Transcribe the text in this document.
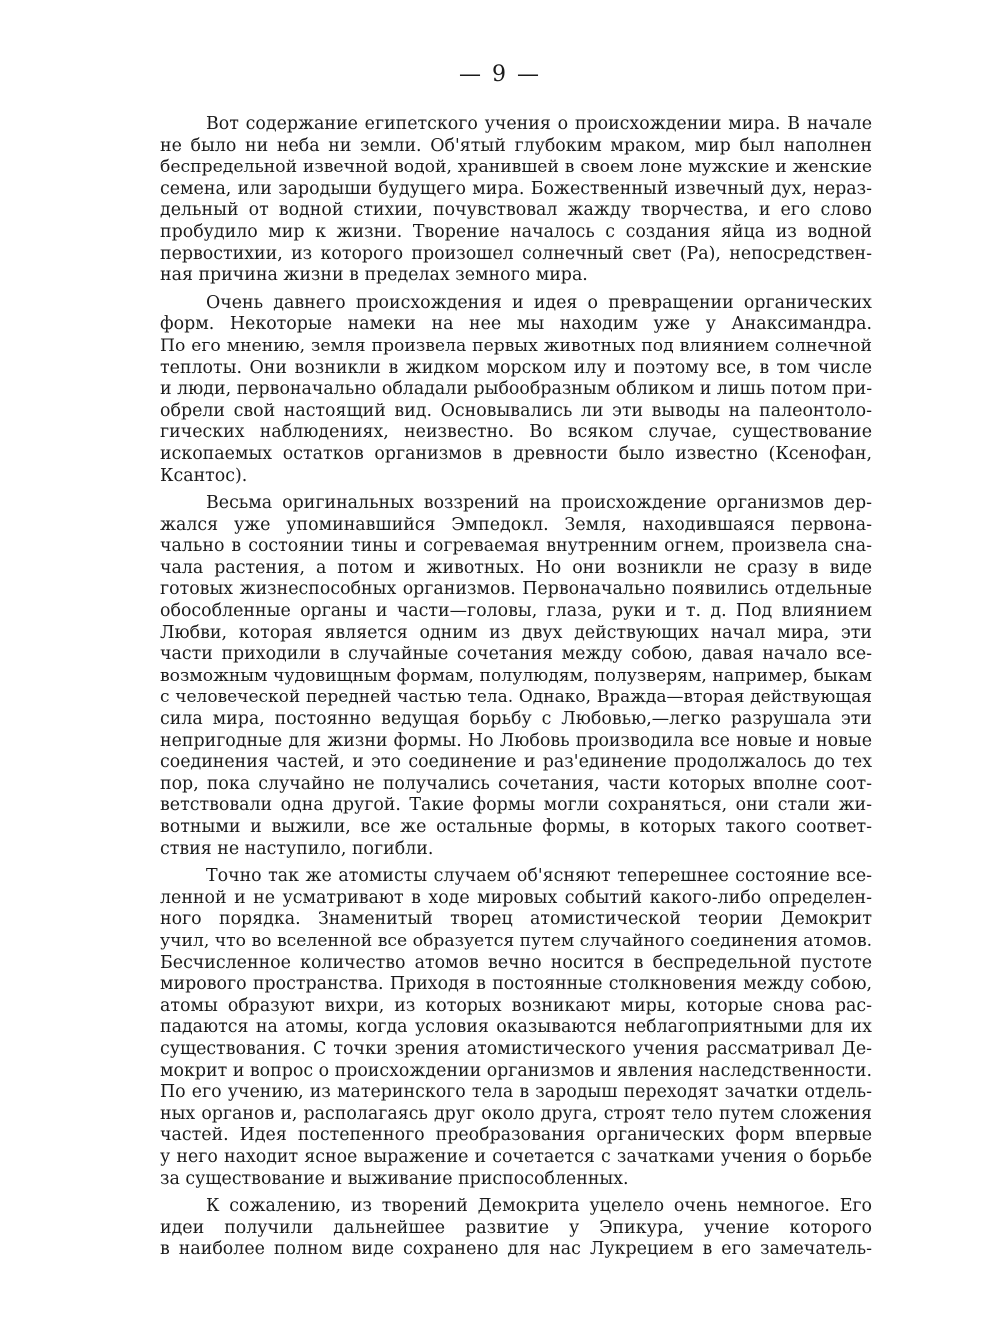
— 9 —

Вот содержание египетского учения о происхождении мира. В начале

не было ни неба ни земли. Об'ятый глубоким мраком, мир был наполнен

беспредельной извечной водой, хранившей в своем лоне мужские и женские

семена, или зародыши будущего мира. Божественный извечный дух, нераз-

дельный от водной стихии, почувствовал жажду творчества, и его слово

пробудило мир к жизни. Творение началось с создания яйца из водной

первостихии, из которого произошел солнечный свет (Ра), непосредствен-

ная причина жизни в пределах земного мира.

Очень давнего происхождения и идея о превращении органических

форм. Некоторые намеки на нее мы находим уже у Анаксимандра.

По его мнению, земля произвела первых животных под влиянием солнечной

теплоты. Они возникли в жидком морском илу и поэтому все, в том числе

и люди, первоначально обладали рыбообразным обликом и лишь потом при-

обрели свой настоящий вид. Основывались ли эти выводы на палеонтоло-

гических наблюдениях, неизвестно. Во всяком случае, существование

ископаемых остатков организмов в древности было известно (Ксенофан,

Ксантос).

Весьма оригинальных воззрений на происхождение организмов дер-

жался уже упоминавшийся Эмпедокл. Земля, находившаяся первона-

чально в состоянии тины и согреваемая внутренним огнем, произвела сна-

чала растения, а потом и животных. Но они возникли не сразу в виде

готовых жизнеспособных организмов. Первоначально появились отдельные

обособленные органы и части—головы, глаза, руки и т. д. Под влиянием

Любви, которая является одним из двух действующих начал мира, эти

части приходили в случайные сочетания между собою, давая начало все-

возможным чудовищным формам, полулюдям, полузверям, например, быкам

с человеческой передней частью тела. Однако, Вражда—вторая действующая

сила мира, постоянно ведущая борьбу с Любовью,—легко разрушала эти

непригодные для жизни формы. Но Любовь производила все новые и новые

соединения частей, и это соединение и раз'единение продолжалось до тех

пор, пока случайно не получались сочетания, части которых вполне соот-

ветствовали одна другой. Такие формы могли сохраняться, они стали жи-

вотными и выжили, все же остальные формы, в которых такого соответ-

ствия не наступило, погибли.

Точно так же атомисты случаем об'ясняют теперешнее состояние все-

ленной и не усматривают в ходе мировых событий какого-либо определен-

ного порядка. Знаменитый творец атомистической теории Демокрит

учил, что во вселенной все образуется путем случайного соединения атомов.

Бесчисленное количество атомов вечно носится в беспредельной пустоте

мирового пространства. Приходя в постоянные столкновения между собою,

атомы образуют вихри, из которых возникают миры, которые снова рас-

падаются на атомы, когда условия оказываются неблагоприятными для их

существования. С точки зрения атомистического учения рассматривал Де-

мокрит и вопрос о происхождении организмов и явления наследственности.

По его учению, из материнского тела в зародыш переходят зачатки отдель-

ных органов и, располагаясь друг около друга, строят тело путем сложения

частей. Идея постепенного преобразования органических форм впервые

у него находит ясное выражение и сочетается с зачатками учения о борьбе

за существование и выживание приспособленных.

К сожалению, из творений Демокрита уцелело очень немногое. Его

идеи получили дальнейшее развитие у Эпикура, учение которого

в наиболее полном виде сохранено для нас Лукрецием в его замечатель-
